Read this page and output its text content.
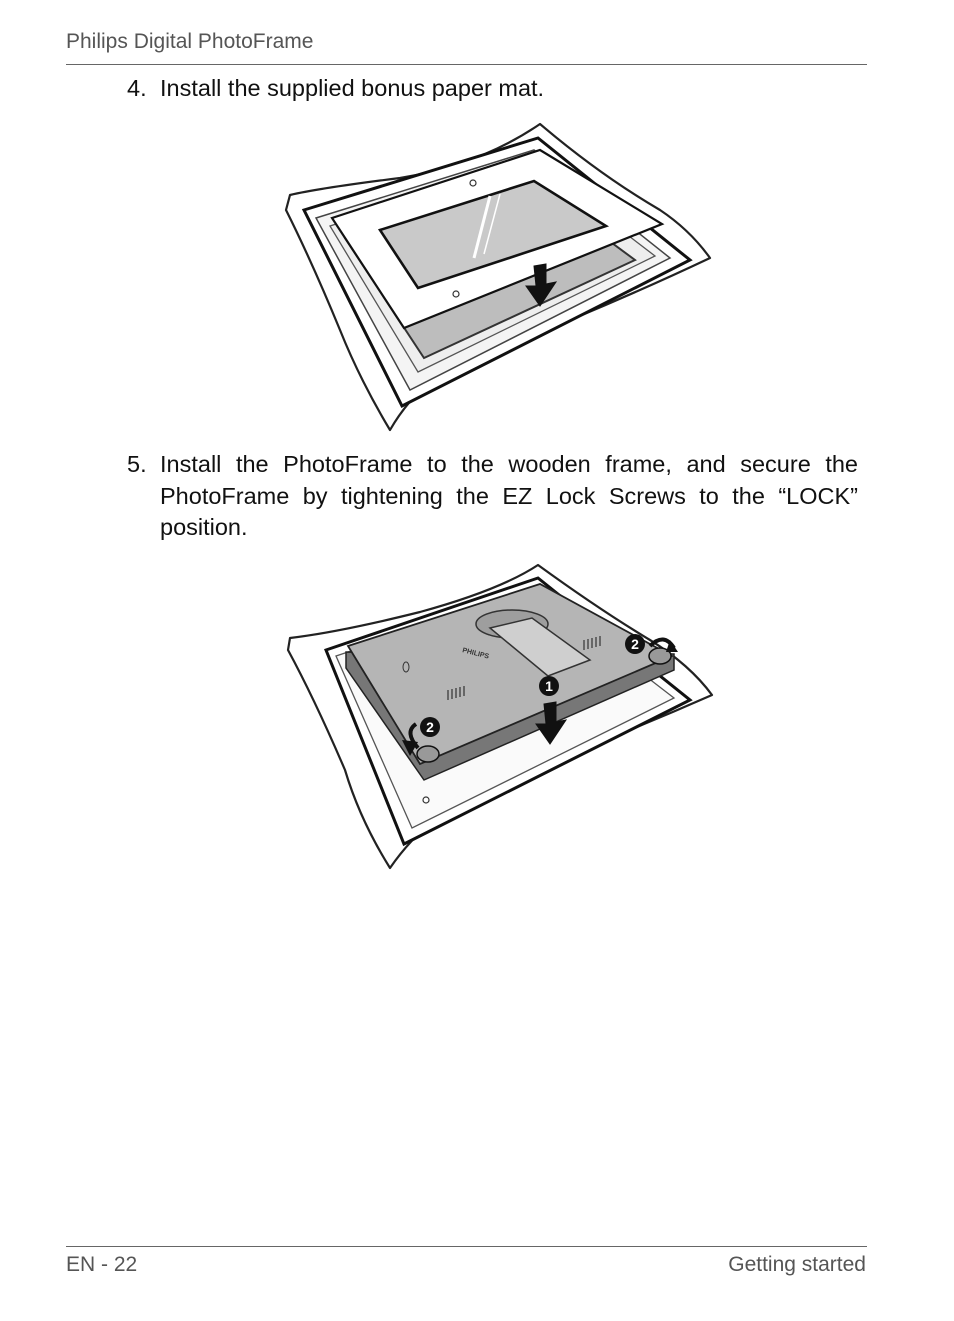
Philips Digital PhotoFrame
4. Install the supplied bonus paper mat.
5. Install the PhotoFrame to the wooden frame, and secure the PhotoFrame by tightening the EZ Lock Screws to the “LOCK” position.
PHILIPS
1
2
2
EN - 22	Getting started
